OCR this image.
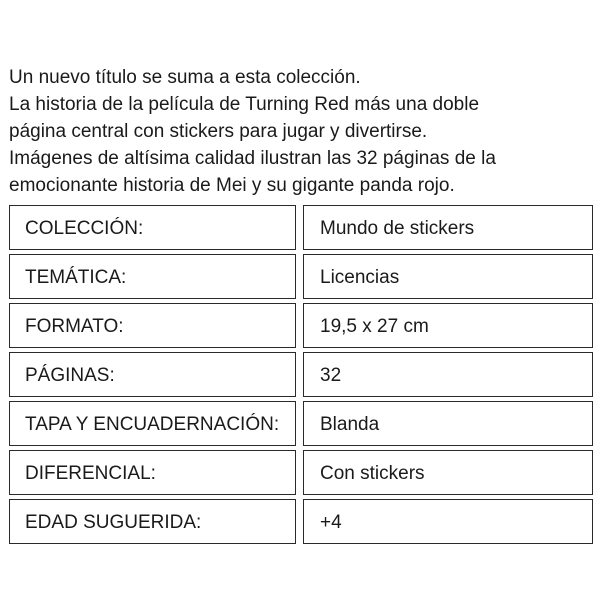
Un nuevo título se suma a esta colección.
La historia de la película de Turning Red más una doble
página central con stickers para jugar y divertirse.
Imágenes de altísima calidad ilustran las 32 páginas de la
emocionante historia de Mei y su gigante panda rojo.
COLECCIÓN:	Mundo de stickers
TEMÁTICA:	Licencias
FORMATO:	19,5 x 27 cm
PÁGINAS:	32
TAPA Y ENCUADERNACIÓN:	Blanda
DIFERENCIAL:	Con stickers
EDAD SUGUERIDA:	+4
